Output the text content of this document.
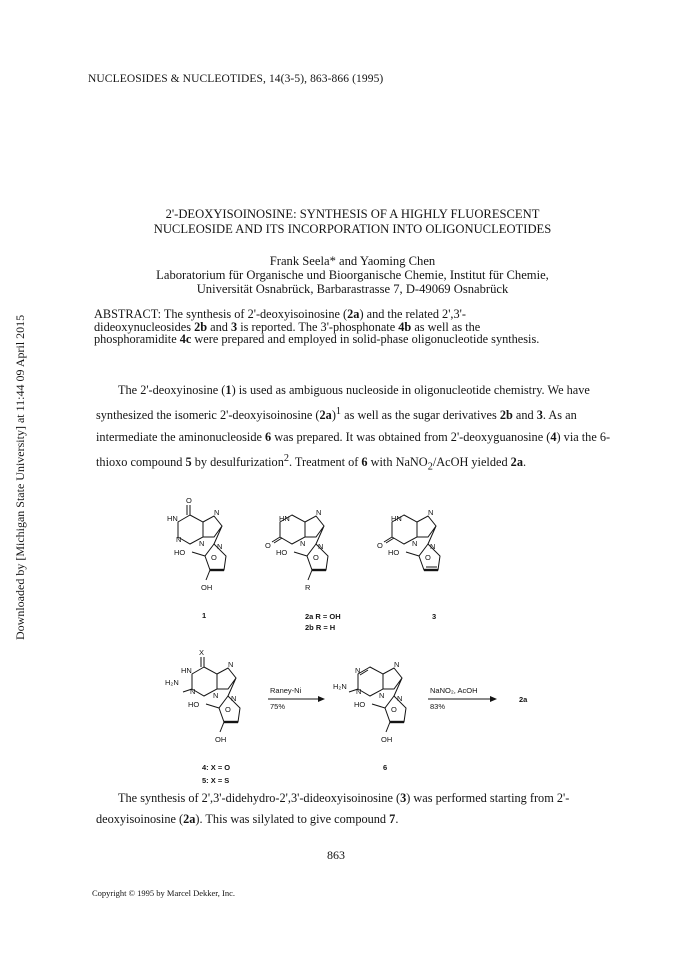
Downloaded by [Michigan State University] at 11:44 09 April 2015
NUCLEOSIDES & NUCLEOTIDES, 14(3-5), 863-866 (1995)
2'-DEOXYISOINOSINE: SYNTHESIS OF A HIGHLY FLUORESCENT
NUCLEOSIDE AND ITS INCORPORATION INTO OLIGONUCLEOTIDES
Frank Seela* and Yaoming Chen
Laboratorium für Organische und Bioorganische Chemie, Institut für Chemie,
Universität Osnabrück, Barbarastrasse 7, D-49069 Osnabrück
ABSTRACT: The synthesis of 2'-deoxyisoinosine (2a) and the related 2',3'-dideoxynucleosides 2b and 3 is reported. The 3'-phosphonate 4b as well as the phosphoramidite 4c were prepared and employed in solid-phase oligonucleotide synthesis.
The 2'-deoxyinosine (1) is used as ambiguous nucleoside in oligonucleotide chemistry. We have synthesized the isomeric 2'-deoxyisoinosine $(2a)^1$ as well as the sugar derivatives 2b and 3. As an intermediate the aminonucleoside 6 was prepared. It was obtained from 2'-deoxyguanosine (4) via the 6-thioxo compound 5 by desulfurization$^2$. Treatment of 6 with NaNO$_2$/AcOH yielded 2a.
O
HN
N
N N N
HO
O
OH
HN
N
O	N
HO
N
O
R
HN
N
O	N
HO
N
O
1	2a R = OH
2b R = H
3
X
HN
N
H₂N
N N N
HO
O
OH
Raney-Ni
75%
N
N
H₂N
N N N
HO
O
OH
NaNO₂, AcOH
83%
2a
4: X = O
5: X = S
6
The synthesis of 2',3'-didehydro-2',3'-dideoxyisoinosine (3) was performed starting from 2'-deoxyisoinosine (2a). This was silylated to give compound 7.
863
Copyright © 1995 by Marcel Dekker, Inc.
